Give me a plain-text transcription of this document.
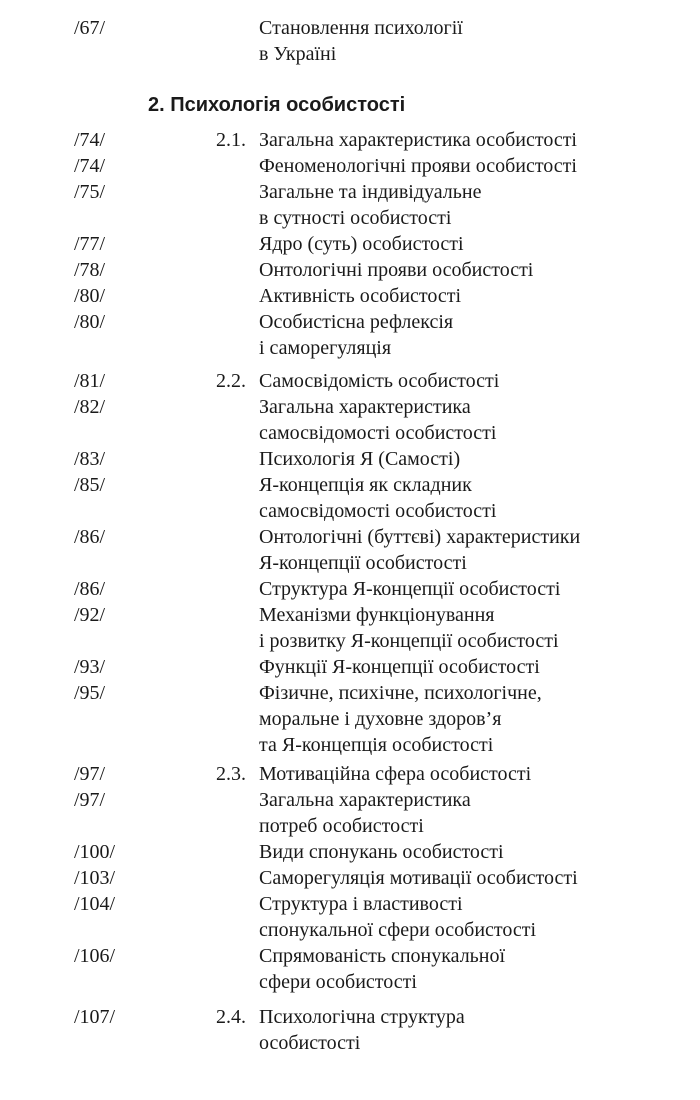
/67/	Становлення психології
в Україні
2. Психологія особистості
/74/	2.1. Загальна характеристика особистості
/74/	Феноменологічні прояви особистості
/75/	Загальне та індивідуальне
в сутності особистості
/77/	Ядро (суть) особистості
/78/	Онтологічні прояви особистості
/80/	Активність особистості
/80/	Особистісна рефлексія
і саморегуляція
/81/	2.2. Самосвідомість особистості
/82/	Загальна характеристика
самосвідомості особистості
/83/	Психологія Я (Самості)
/85/	Я-концепція як складник
самосвідомості особистості
/86/	Онтологічні (буттєві) характеристики
Я-концепції особистості
/86/	Структура Я-концепції особистості
/92/	Механізми функціонування
і розвитку Я-концепції особистості
/93/	Функції Я-концепції особистості
/95/	Фізичне, психічне, психологічне,
моральне і духовне здоров’я
та Я-концепція особистості
/97/	2.3. Мотиваційна сфера особистості
/97/	Загальна характеристика
потреб особистості
/100/	Види спонукань особистості
/103/	Саморегуляція мотивації особистості
/104/	Структура і властивості
спонукальної сфери особистості
/106/	Спрямованість спонукальної
сфери особистості
/107/	2.4. Психологічна структура
особистості
